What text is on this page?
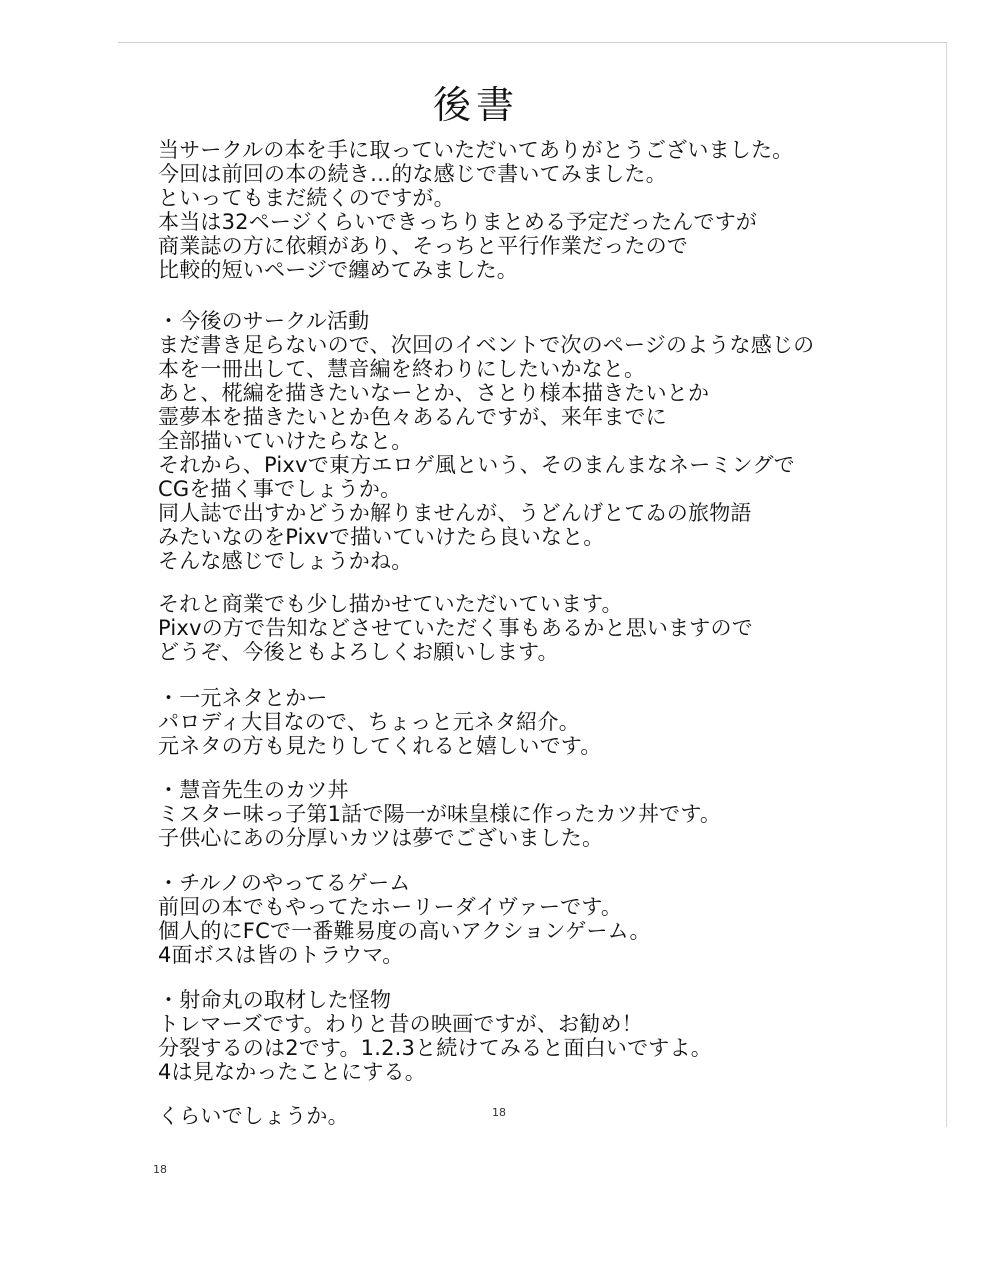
後書
当サークルの本を手に取っていただいてありがとうございました。
今回は前回の本の続き…的な感じで書いてみました。
といってもまだ続くのですが。
本当は32ページくらいできっちりまとめる予定だったんですが
商業誌の方に依頼があり、そっちと平行作業だったので
比較的短いページで纏めてみました。
・今後のサークル活動
まだ書き足らないので、次回のイベントで次のページのような感じの
本を一冊出して、慧音編を終わりにしたいかなと。
あと、椛編を描きたいなーとか、さとり様本描きたいとか
霊夢本を描きたいとか色々あるんですが、来年までに
全部描いていけたらなと。
それから、Pixvで東方エロゲ風という、そのまんまなネーミングで
CGを描く事でしょうか。
同人誌で出すかどうか解りませんが、うどんげとてゐの旅物語
みたいなのをPixvで描いていけたら良いなと。
そんな感じでしょうかね。
それと商業でも少し描かせていただいています。
Pixvの方で告知などさせていただく事もあるかと思いますので
どうぞ、今後ともよろしくお願いします。
・一元ネタとかー
パロディ大目なので、ちょっと元ネタ紹介。
元ネタの方も見たりしてくれると嬉しいです。
・慧音先生のカツ丼
ミスター味っ子第1話で陽一が味皇様に作ったカツ丼です。
子供心にあの分厚いカツは夢でございました。
・チルノのやってるゲーム
前回の本でもやってたホーリーダイヴァーです。
個人的にFCで一番難易度の高いアクションゲーム。
4面ボスは皆のトラウマ。
・射命丸の取材した怪物
トレマーズです。わりと昔の映画ですが、お勧め！
分裂するのは2です。1.2.3と続けてみると面白いですよ。
4は見なかったことにする。
くらいでしょうか。	18
18
